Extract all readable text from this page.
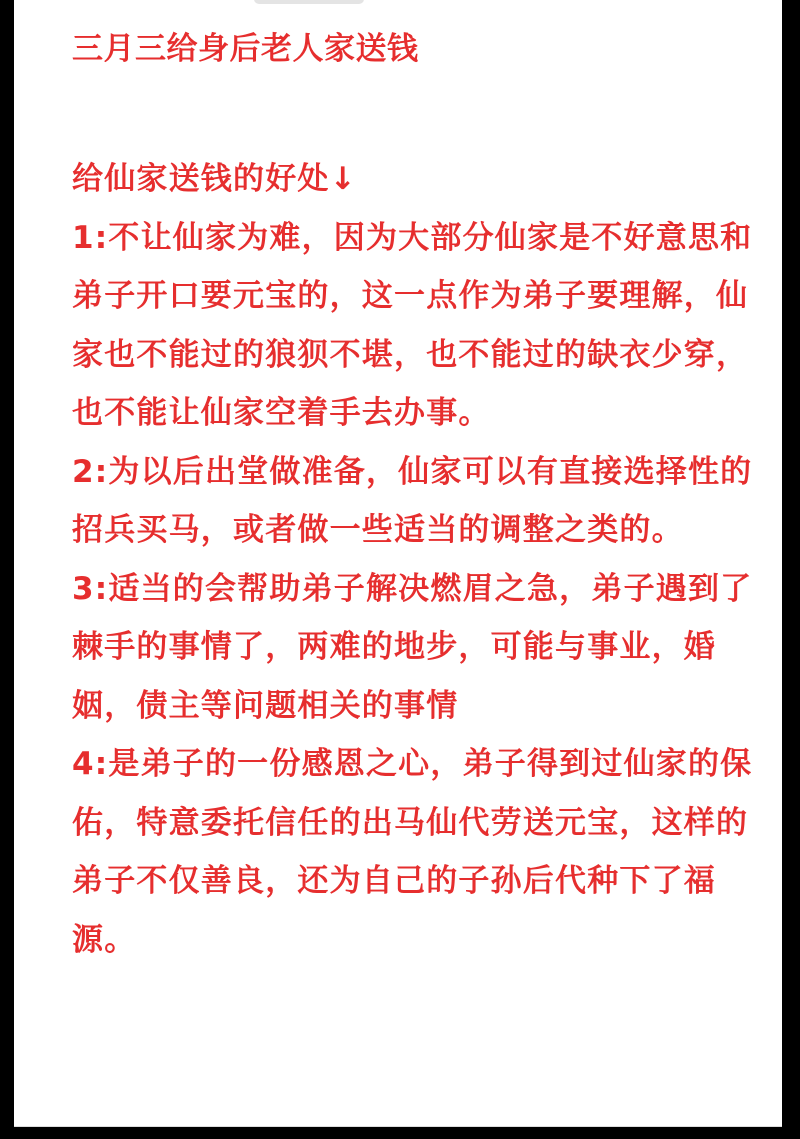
三月三给身后老人家送钱

给仙家送钱的好处↓

1:不让仙家为难，因为大部分仙家是不好意思和弟子开口要元宝的，这一点作为弟子要理解，仙家也不能过的狼狈不堪，也不能过的缺衣少穿，也不能让仙家空着手去办事。

2:为以后出堂做准备，仙家可以有直接选择性的招兵买马，或者做一些适当的调整之类的。

3:适当的会帮助弟子解决燃眉之急，弟子遇到了棘手的事情了，两难的地步，可能与事业，婚姻，债主等问题相关的事情

4:是弟子的一份感恩之心，弟子得到过仙家的保佑，特意委托信任的出马仙代劳送元宝，这样的弟子不仅善良，还为自己的子孙后代种下了福源。
